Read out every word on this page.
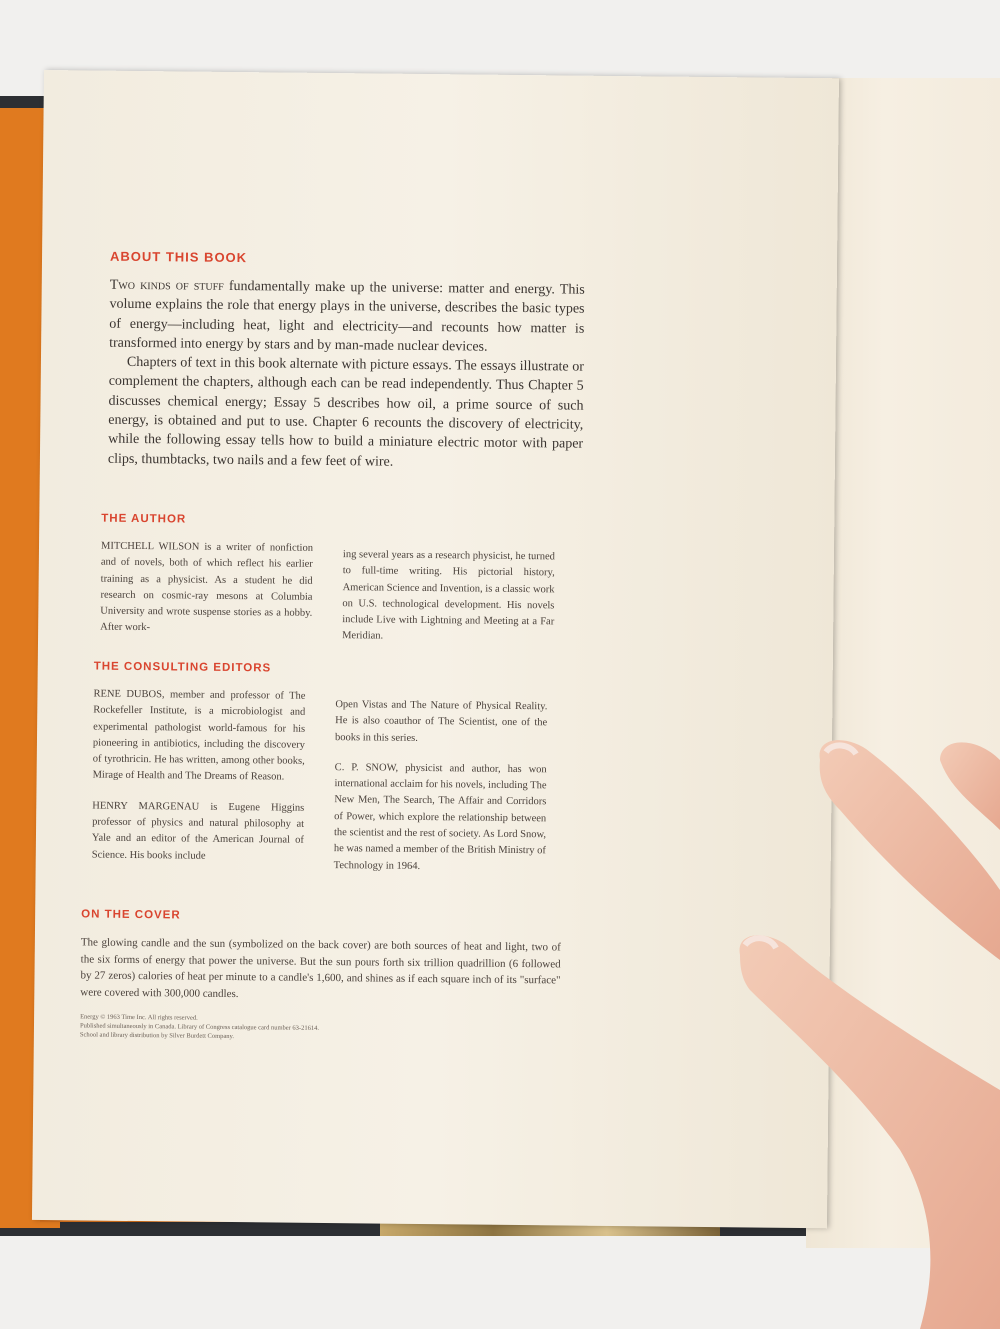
ABOUT THIS BOOK

Two kinds of stuff fundamentally make up the universe: matter and energy. This volume explains the role that energy plays in the universe, describes the basic types of energy—including heat, light and electricity—and recounts how matter is transformed into energy by stars and by man-made nuclear devices.

Chapters of text in this book alternate with picture essays. The essays illustrate or complement the chapters, although each can be read independently. Thus Chapter 5 discusses chemical energy; Essay 5 describes how oil, a prime source of such energy, is obtained and put to use. Chapter 6 recounts the discovery of electricity, while the following essay tells how to build a miniature electric motor with paper clips, thumbtacks, two nails and a few feet of wire.

THE AUTHOR

MITCHELL WILSON is a writer of nonfiction and of novels, both of which reflect his earlier training as a physicist. As a student he did research on cosmic-ray mesons at Columbia University and wrote suspense stories as a hobby. After work-

ing several years as a research physicist, he turned to full-time writing. His pictorial history, American Science and Invention, is a classic work on U.S. technological development. His novels include Live with Lightning and Meeting at a Far Meridian.

THE CONSULTING EDITORS

RENE DUBOS, member and professor of The Rockefeller Institute, is a microbiologist and experimental pathologist world-famous for his pioneering in antibiotics, including the discovery of tyrothricin. He has written, among other books, Mirage of Health and The Dreams of Reason.

HENRY MARGENAU is Eugene Higgins professor of physics and natural philosophy at Yale and an editor of the American Journal of Science. His books include

Open Vistas and The Nature of Physical Reality. He is also coauthor of The Scientist, one of the books in this series.

C. P. SNOW, physicist and author, has won international acclaim for his novels, including The New Men, The Search, The Affair and Corridors of Power, which explore the relationship between the scientist and the rest of society. As Lord Snow, he was named a member of the British Ministry of Technology in 1964.

ON THE COVER

The glowing candle and the sun (symbolized on the back cover) are both sources of heat and light, two of the six forms of energy that power the universe. But the sun pours forth six trillion quadrillion (6 followed by 27 zeros) calories of heat per minute to a candle's 1,600, and shines as if each square inch of its "surface" were covered with 300,000 candles.

Energy © 1963 Time Inc. All rights reserved.
Published simultaneously in Canada. Library of Congress catalogue card number 63-21614.
School and library distribution by Silver Burdett Company.
